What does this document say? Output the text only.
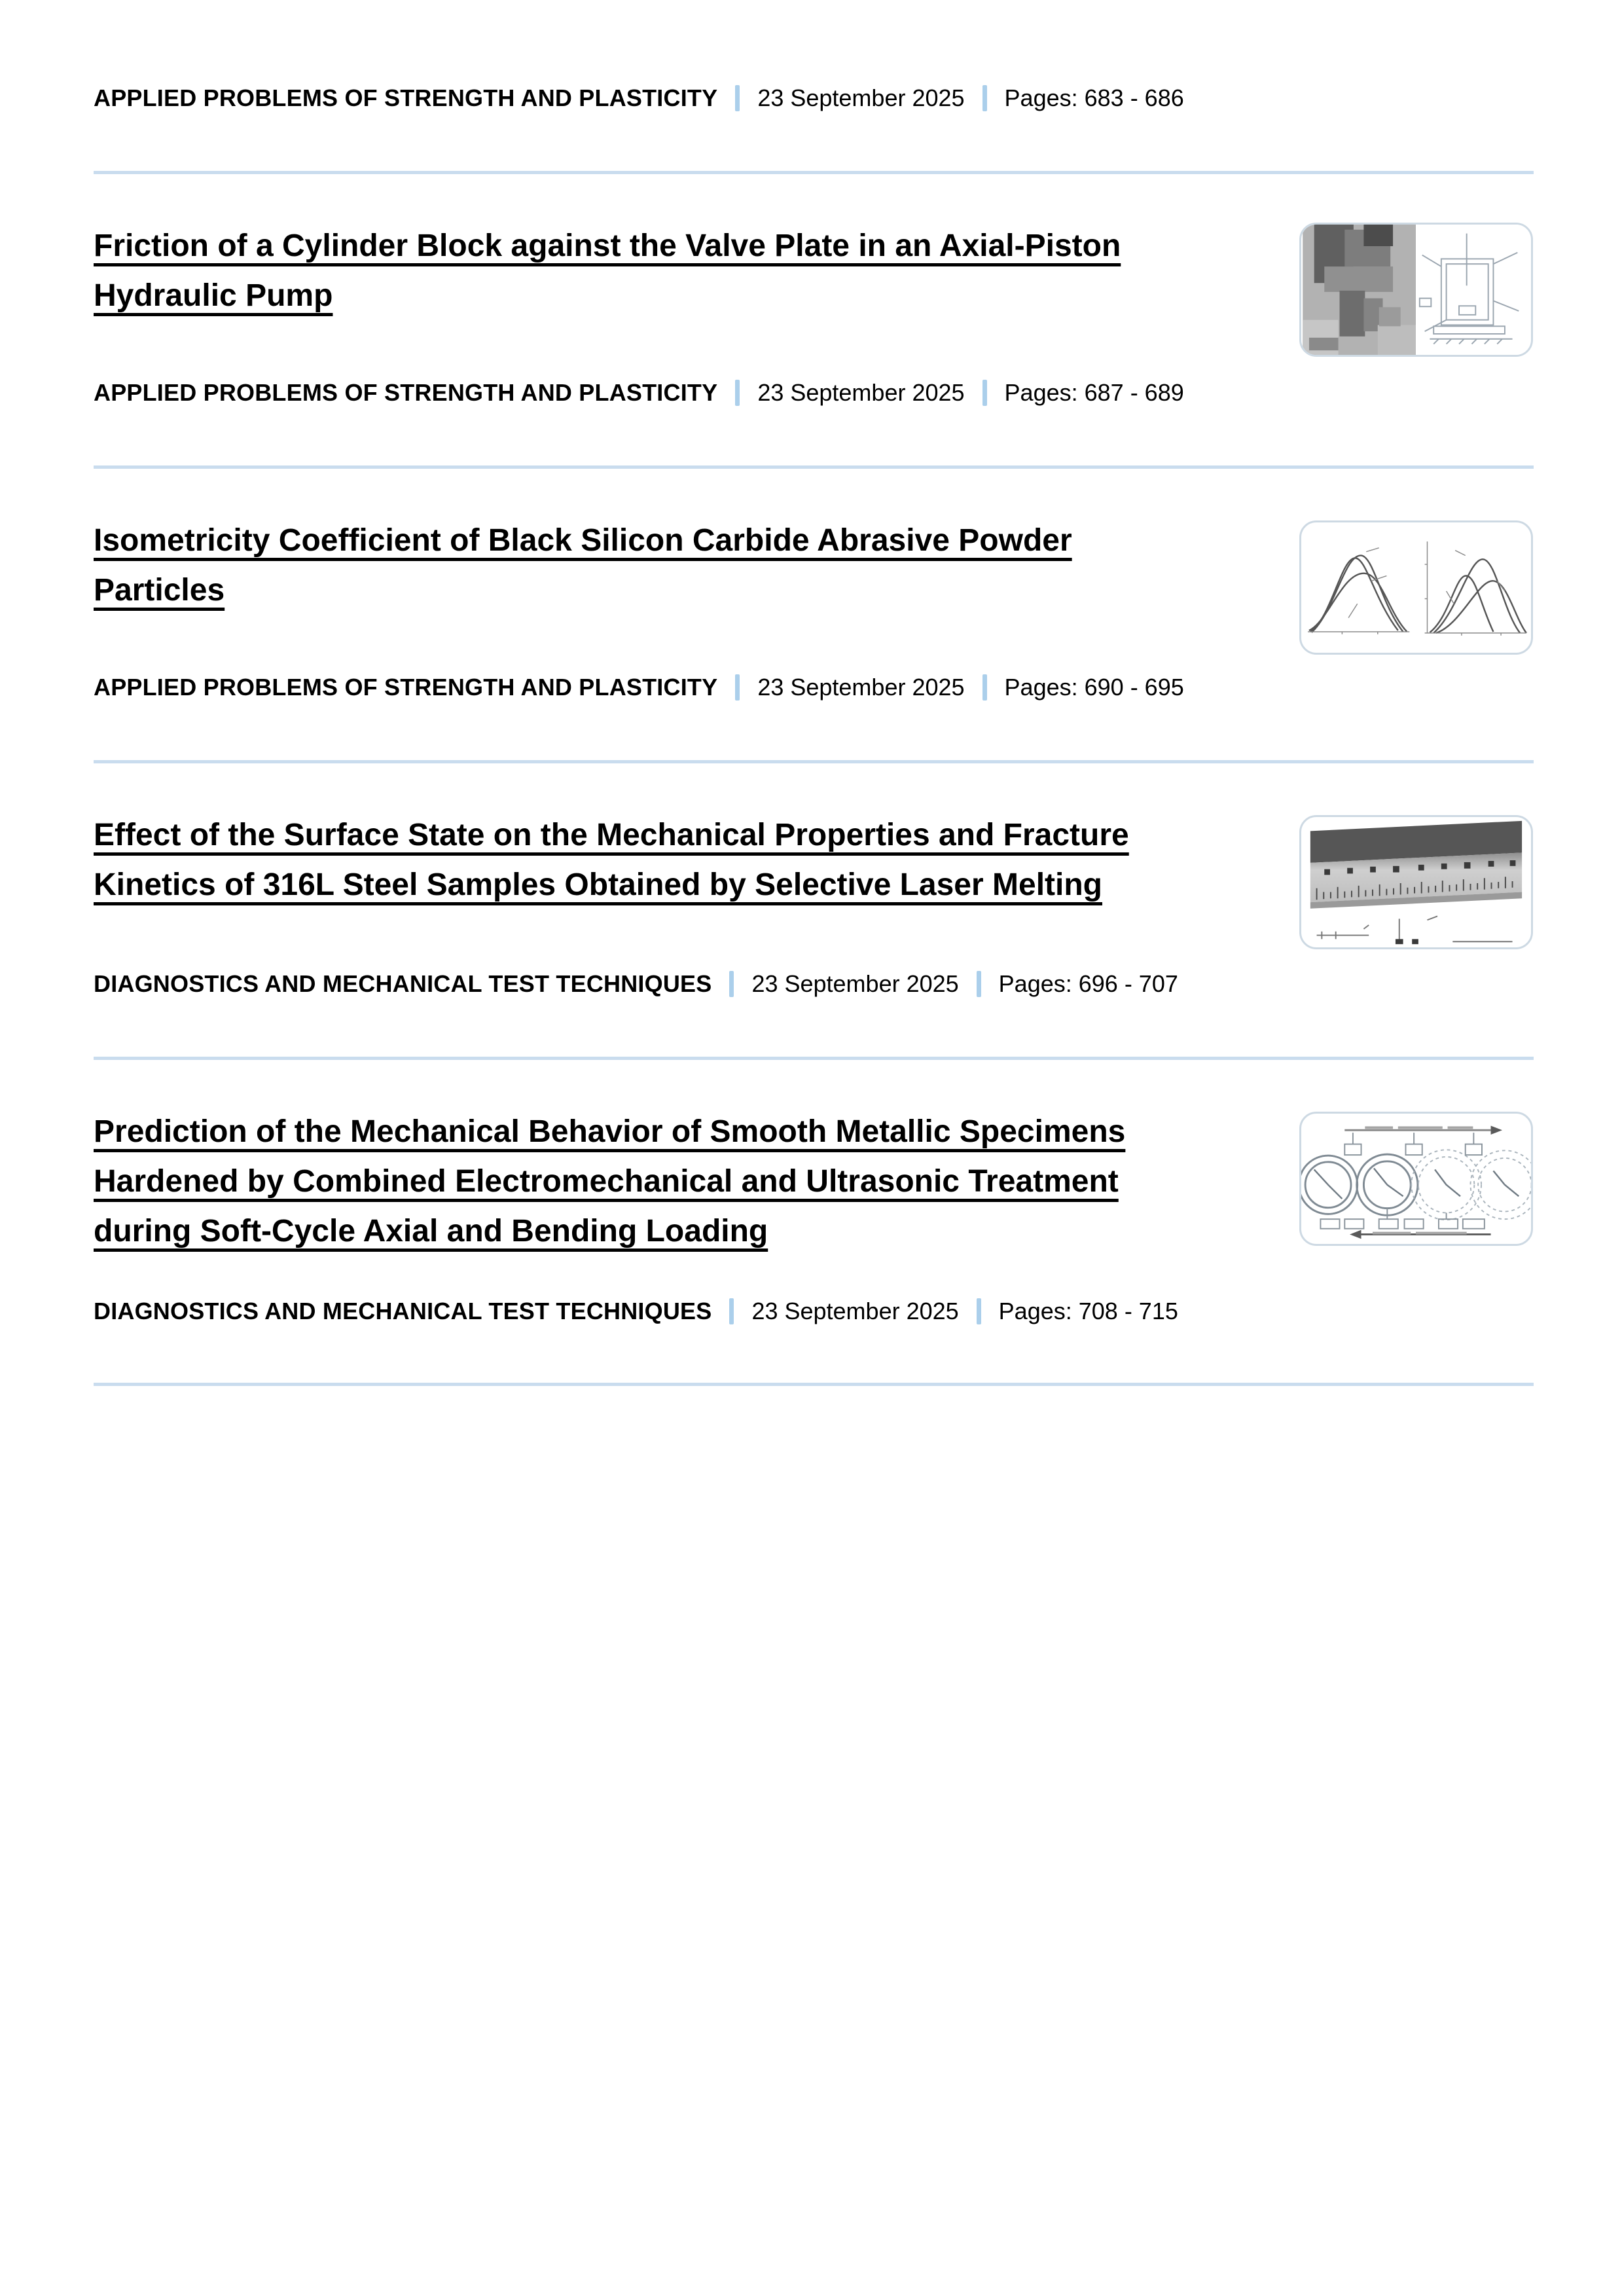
APPLIED PROBLEMS OF STRENGTH AND PLASTICITY 23 September 2025 Pages: 683 - 686
Friction of a Cylinder Block against the Valve Plate in an Axial-Piston Hydraulic Pump
APPLIED PROBLEMS OF STRENGTH AND PLASTICITY 23 September 2025 Pages: 687 - 689
Isometricity Coefficient of Black Silicon Carbide Abrasive Powder Particles
APPLIED PROBLEMS OF STRENGTH AND PLASTICITY 23 September 2025 Pages: 690 - 695
Effect of the Surface State on the Mechanical Properties and Fracture Kinetics of 316L Steel Samples Obtained by Selective Laser Melting
DIAGNOSTICS AND MECHANICAL TEST TECHNIQUES 23 September 2025 Pages: 696 - 707
Prediction of the Mechanical Behavior of Smooth Metallic Specimens Hardened by Combined Electromechanical and Ultrasonic Treatment during Soft-Cycle Axial and Bending Loading
DIAGNOSTICS AND MECHANICAL TEST TECHNIQUES 23 September 2025 Pages: 708 - 715
